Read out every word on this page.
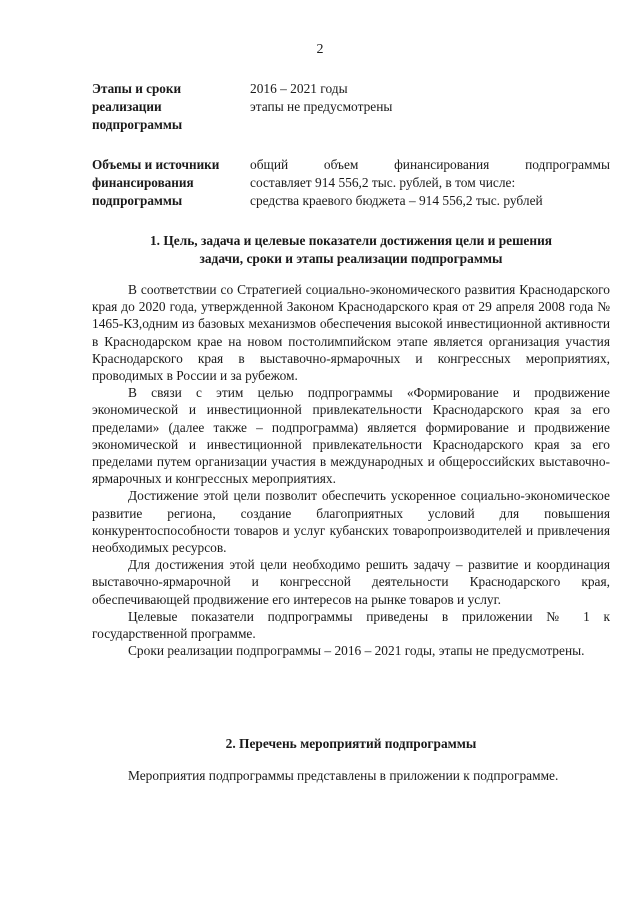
2
Этапы и сроки
реализации
подпрограммы
2016 – 2021 годы
этапы не предусмотрены
Объемы и источники
финансирования
подпрограммы
общий объем финансирования подпрограммы
составляет 914 556,2 тыс. рублей, в том числе:
средства краевого бюджета – 914 556,2 тыс. рублей
1. Цель, задача и целевые показатели достижения цели и решения
задачи, сроки и этапы реализации подпрограммы

В соответствии со Стратегией социально-экономического развития Краснодарского края до 2020 года, утвержденной Законом Краснодарского края от 29 апреля 2008 года № 1465-КЗ,одним из базовых механизмов обеспечения высокой инвестиционной активности в Краснодарском крае на новом постолимпийском этапе является организация участия Краснодарского края в выставочно-ярмарочных и конгрессных мероприятиях, проводимых в России и за рубежом.

В связи с этим целью подпрограммы «Формирование и продвижение экономической и инвестиционной привлекательности Краснодарского края за его пределами» (далее также – подпрограмма) является формирование и продвижение экономической и инвестиционной привлекательности Краснодарского края за его пределами путем организации участия в международных и общероссийских выставочно-ярмарочных и конгрессных мероприятиях.

Достижение этой цели позволит обеспечить ускоренное социально-экономическое развитие региона, создание благоприятных условий для повышения конкурентоспособности товаров и услуг кубанских товаропроизводителей и привлечения необходимых ресурсов.

Для достижения этой цели необходимо решить задачу – развитие и координация выставочно-ярмарочной и конгрессной деятельности Краснодарского края, обеспечивающей продвижение его интересов на рынке товаров и услуг.

Целевые показатели подпрограммы приведены в приложении № 1 к государственной программе.

Сроки реализации подпрограммы – 2016 – 2021 годы, этапы не предусмотрены.

2. Перечень мероприятий подпрограммы

Мероприятия подпрограммы представлены в приложении к подпрограмме.
